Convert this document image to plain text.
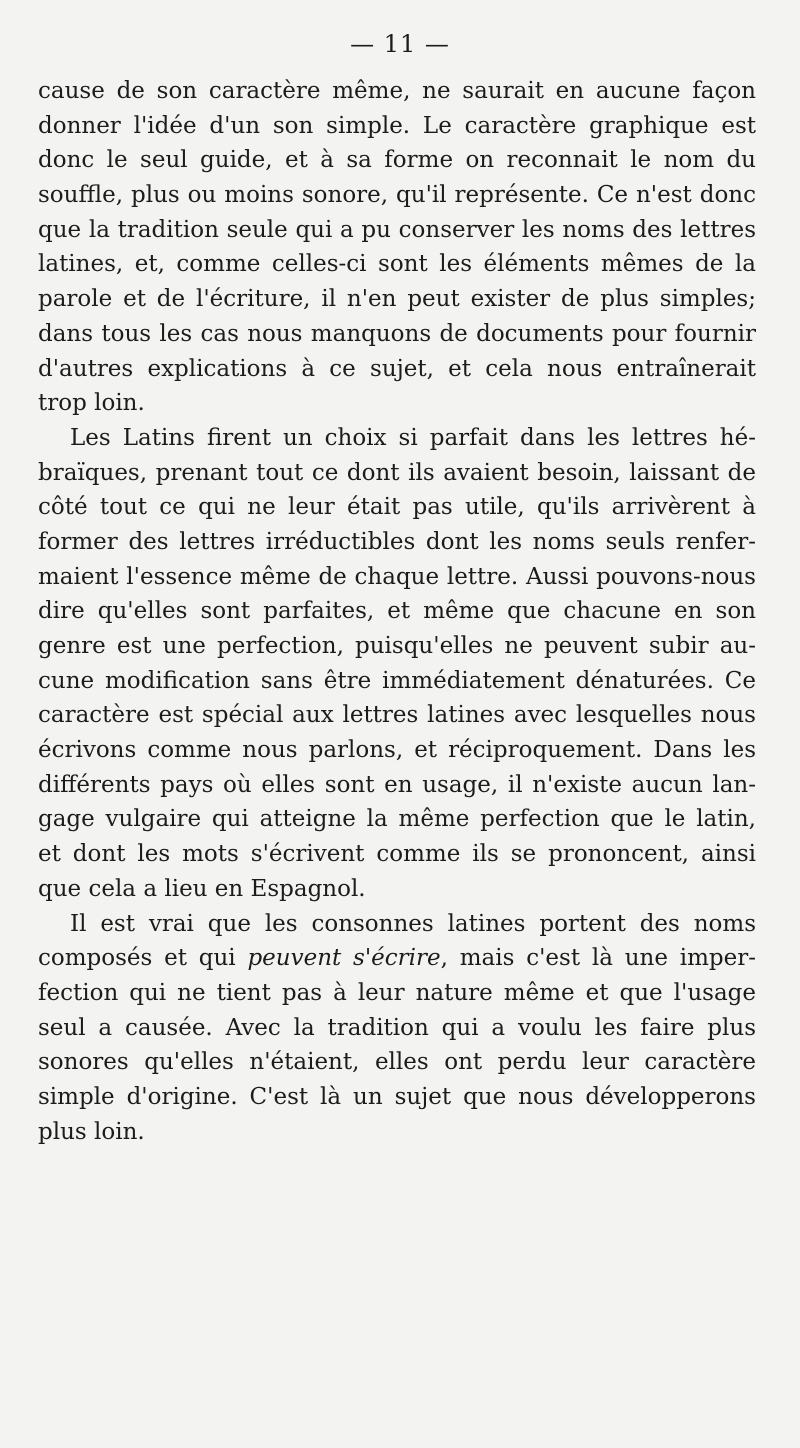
— 11 —
cause de son caractère même, ne saurait en aucune façon
donner l'idée d'un son simple. Le caractère graphique est
donc le seul guide, et à sa forme on reconnait le nom du
souffle, plus ou moins sonore, qu'il représente. Ce n'est donc
que la tradition seule qui a pu conserver les noms des lettres
latines, et, comme celles-ci sont les éléments mêmes de la
parole et de l'écriture, il n'en peut exister de plus simples;
dans tous les cas nous manquons de documents pour fournir
d'autres explications à ce sujet, et cela nous entraînerait
trop loin.
Les Latins firent un choix si parfait dans les lettres hé-
braïques, prenant tout ce dont ils avaient besoin, laissant de
côté tout ce qui ne leur était pas utile, qu'ils arrivèrent à
former des lettres irréductibles dont les noms seuls renfer-
maient l'essence même de chaque lettre. Aussi pouvons-nous
dire qu'elles sont parfaites, et même que chacune en son
genre est une perfection, puisqu'elles ne peuvent subir au-
cune modification sans être immédiatement dénaturées. Ce
caractère est spécial aux lettres latines avec lesquelles nous
écrivons comme nous parlons, et réciproquement. Dans les
différents pays où elles sont en usage, il n'existe aucun lan-
gage vulgaire qui atteigne la même perfection que le latin,
et dont les mots s'écrivent comme ils se prononcent, ainsi
que cela a lieu en Espagnol.
Il est vrai que les consonnes latines portent des noms
composés et qui peuvent s'écrire, mais c'est là une imper-
fection qui ne tient pas à leur nature même et que l'usage
seul a causée. Avec la tradition qui a voulu les faire plus
sonores qu'elles n'étaient, elles ont perdu leur caractère
simple d'origine. C'est là un sujet que nous développerons
plus loin.
